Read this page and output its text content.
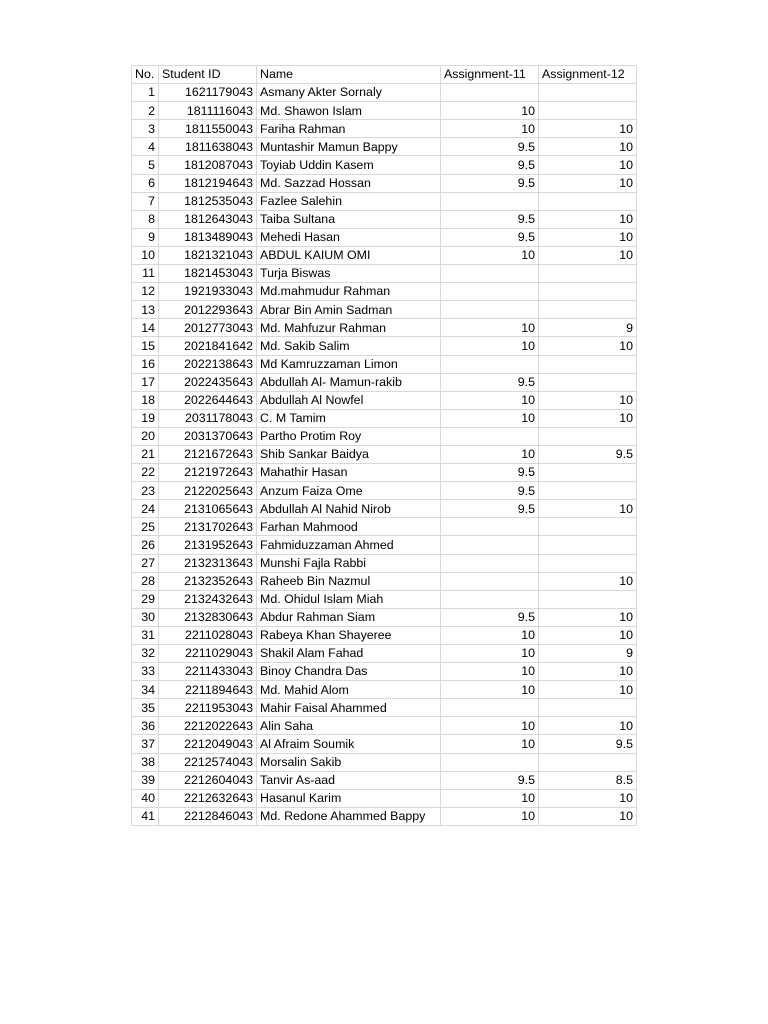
No.	Student ID	Name	Assignment-11	Assignment-12
1	1621179043	Asmany Akter Sornaly		
2	1811116043	Md. Shawon Islam	10	
3	1811550043	Fariha Rahman	10	10
4	1811638043	Muntashir Mamun Bappy	9.5	10
5	1812087043	Toyiab Uddin Kasem	9.5	10
6	1812194643	Md. Sazzad Hossan	9.5	10
7	1812535043	Fazlee Salehin		
8	1812643043	Taiba Sultana	9.5	10
9	1813489043	Mehedi Hasan	9.5	10
10	1821321043	ABDUL KAIUM OMI	10	10
11	1821453043	Turja Biswas		
12	1921933043	Md.mahmudur Rahman		
13	2012293643	Abrar Bin Amin Sadman		
14	2012773043	Md. Mahfuzur Rahman	10	9
15	2021841642	Md. Sakib Salim	10	10
16	2022138643	Md Kamruzzaman Limon		
17	2022435643	Abdullah Al- Mamun-rakib	9.5	
18	2022644643	Abdullah Al Nowfel	10	10
19	2031178043	C. M Tamim	10	10
20	2031370643	Partho Protim Roy		
21	2121672643	Shib Sankar Baidya	10	9.5
22	2121972643	Mahathir Hasan	9.5	
23	2122025643	Anzum Faiza Ome	9.5	
24	2131065643	Abdullah Al Nahid Nirob	9.5	10
25	2131702643	Farhan Mahmood		
26	2131952643	Fahmiduzzaman Ahmed		
27	2132313643	Munshi Fajla Rabbi		
28	2132352643	Raheeb Bin Nazmul		10
29	2132432643	Md. Ohidul Islam Miah		
30	2132830643	Abdur Rahman Siam	9.5	10
31	2211028043	Rabeya Khan Shayeree	10	10
32	2211029043	Shakil Alam Fahad	10	9
33	2211433043	Binoy Chandra Das	10	10
34	2211894643	Md. Mahid Alom	10	10
35	2211953043	Mahir Faisal Ahammed		
36	2212022643	Alin Saha	10	10
37	2212049043	Al Afraim Soumik	10	9.5
38	2212574043	Morsalin Sakib		
39	2212604043	Tanvir As-aad	9.5	8.5
40	2212632643	Hasanul Karim	10	10
41	2212846043	Md. Redone Ahammed Bappy	10	10
